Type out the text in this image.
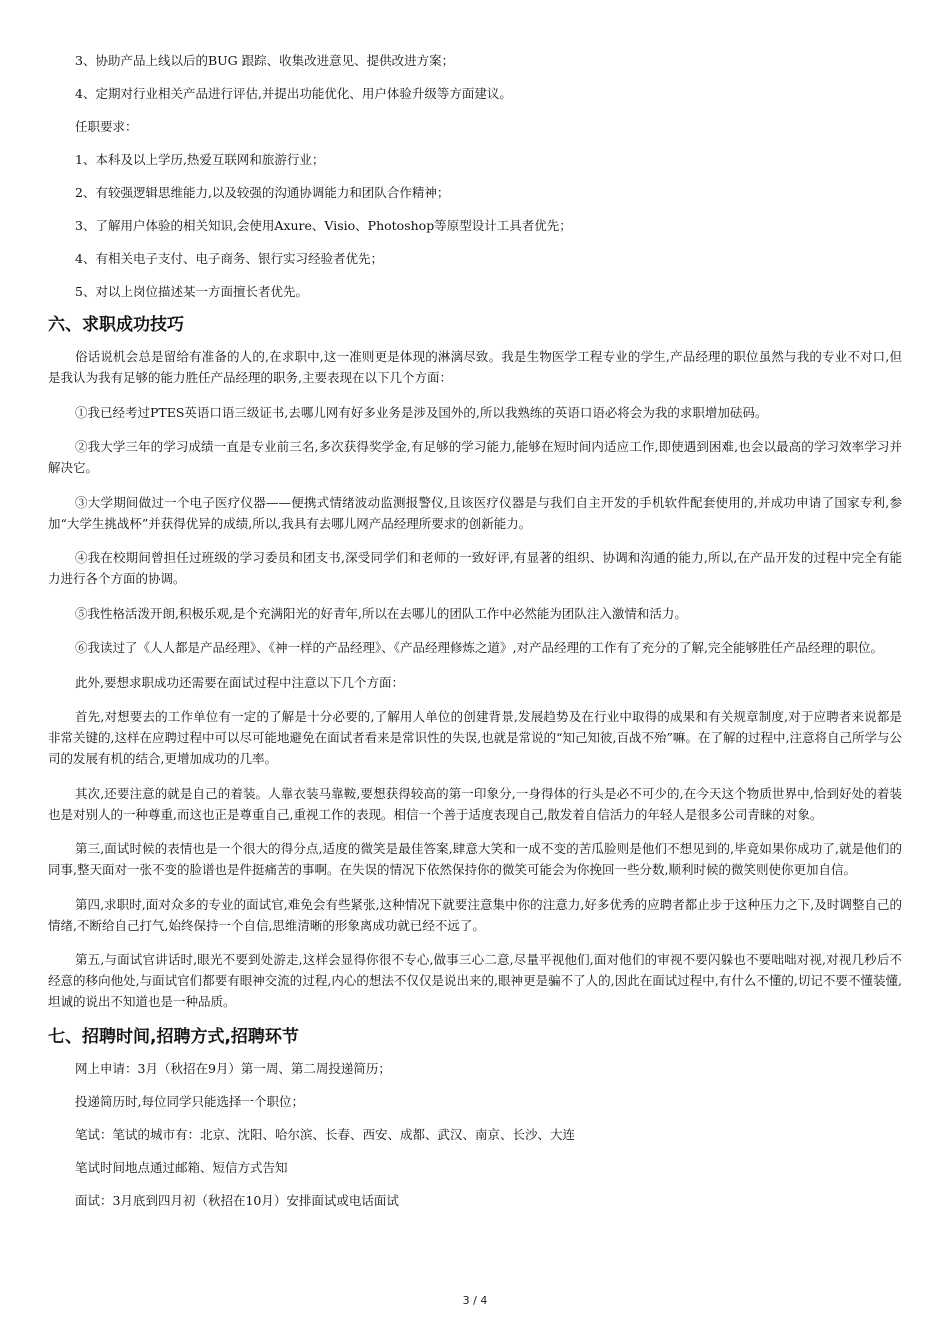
3、协助产品上线以后的BUG 跟踪、收集改进意见、提供改进方案；

4、定期对行业相关产品进行评估,并提出功能优化、用户体验升级等方面建议。

任职要求：

1、本科及以上学历,热爱互联网和旅游行业；

2、有较强逻辑思维能力,以及较强的沟通协调能力和团队合作精神；

3、了解用户体验的相关知识,会使用Axure、Visio、Photoshop等原型设计工具者优先；

4、有相关电子支付、电子商务、银行实习经验者优先；

5、对以上岗位描述某一方面擅长者优先。

六、求职成功技巧

俗话说机会总是留给有准备的人的,在求职中,这一准则更是体现的淋漓尽致。我是生物医学工程专业的学生,产品经理的职位虽然与我的专业不对口,但是我认为我有足够的能力胜任产品经理的职务,主要表现在以下几个方面：

①我已经考过PTES英语口语三级证书,去哪儿网有好多业务是涉及国外的,所以我熟练的英语口语必将会为我的求职增加砝码。

②我大学三年的学习成绩一直是专业前三名,多次获得奖学金,有足够的学习能力,能够在短时间内适应工作,即使遇到困难,也会以最高的学习效率学习并解决它。

③大学期间做过一个电子医疗仪器——便携式情绪波动监测报警仪,且该医疗仪器是与我们自主开发的手机软件配套使用的,并成功申请了国家专利,参加“大学生挑战杯”并获得优异的成绩,所以,我具有去哪儿网产品经理所要求的创新能力。

④我在校期间曾担任过班级的学习委员和团支书,深受同学们和老师的一致好评,有显著的组织、协调和沟通的能力,所以,在产品开发的过程中完全有能力进行各个方面的协调。

⑤我性格活泼开朗,积极乐观,是个充满阳光的好青年,所以在去哪儿的团队工作中必然能为团队注入激情和活力。

⑥我读过了《人人都是产品经理》、《神一样的产品经理》、《产品经理修炼之道》,对产品经理的工作有了充分的了解,完全能够胜任产品经理的职位。

此外,要想求职成功还需要在面试过程中注意以下几个方面：

首先,对想要去的工作单位有一定的了解是十分必要的,了解用人单位的创建背景,发展趋势及在行业中取得的成果和有关规章制度,对于应聘者来说都是非常关键的,这样在应聘过程中可以尽可能地避免在面试者看来是常识性的失误,也就是常说的“知己知彼,百战不殆”嘛。在了解的过程中,注意将自己所学与公司的发展有机的结合,更增加成功的几率。

其次,还要注意的就是自己的着装。人靠衣装马靠鞍,要想获得较高的第一印象分,一身得体的行头是必不可少的,在今天这个物质世界中,恰到好处的着装也是对别人的一种尊重,而这也正是尊重自己,重视工作的表现。相信一个善于适度表现自己,散发着自信活力的年轻人是很多公司青睐的对象。

第三,面试时候的表情也是一个很大的得分点,适度的微笑是最佳答案,肆意大笑和一成不变的苦瓜脸则是他们不想见到的,毕竟如果你成功了,就是他们的同事,整天面对一张不变的脸谱也是件挺痛苦的事啊。在失误的情况下依然保持你的微笑可能会为你挽回一些分数,顺利时候的微笑则使你更加自信。

第四,求职时,面对众多的专业的面试官,难免会有些紧张,这种情况下就要注意集中你的注意力,好多优秀的应聘者都止步于这种压力之下,及时调整自己的情绪,不断给自己打气,始终保持一个自信,思维清晰的形象离成功就已经不远了。

第五,与面试官讲话时,眼光不要到处游走,这样会显得你很不专心,做事三心二意,尽量平视他们,面对他们的审视不要闪躲也不要咄咄对视,对视几秒后不经意的移向他处,与面试官们都要有眼神交流的过程,内心的想法不仅仅是说出来的,眼神更是骗不了人的,因此在面试过程中,有什么不懂的,切记不要不懂装懂,坦诚的说出不知道也是一种品质。

七、招聘时间,招聘方式,招聘环节

网上申请：3月（秋招在9月）第一周、第二周投递简历；

投递简历时,每位同学只能选择一个职位；

笔试：笔试的城市有：北京、沈阳、哈尔滨、长春、西安、成都、武汉、南京、长沙、大连

笔试时间地点通过邮箱、短信方式告知

面试：3月底到四月初（秋招在10月）安排面试或电话面试

3 / 4
